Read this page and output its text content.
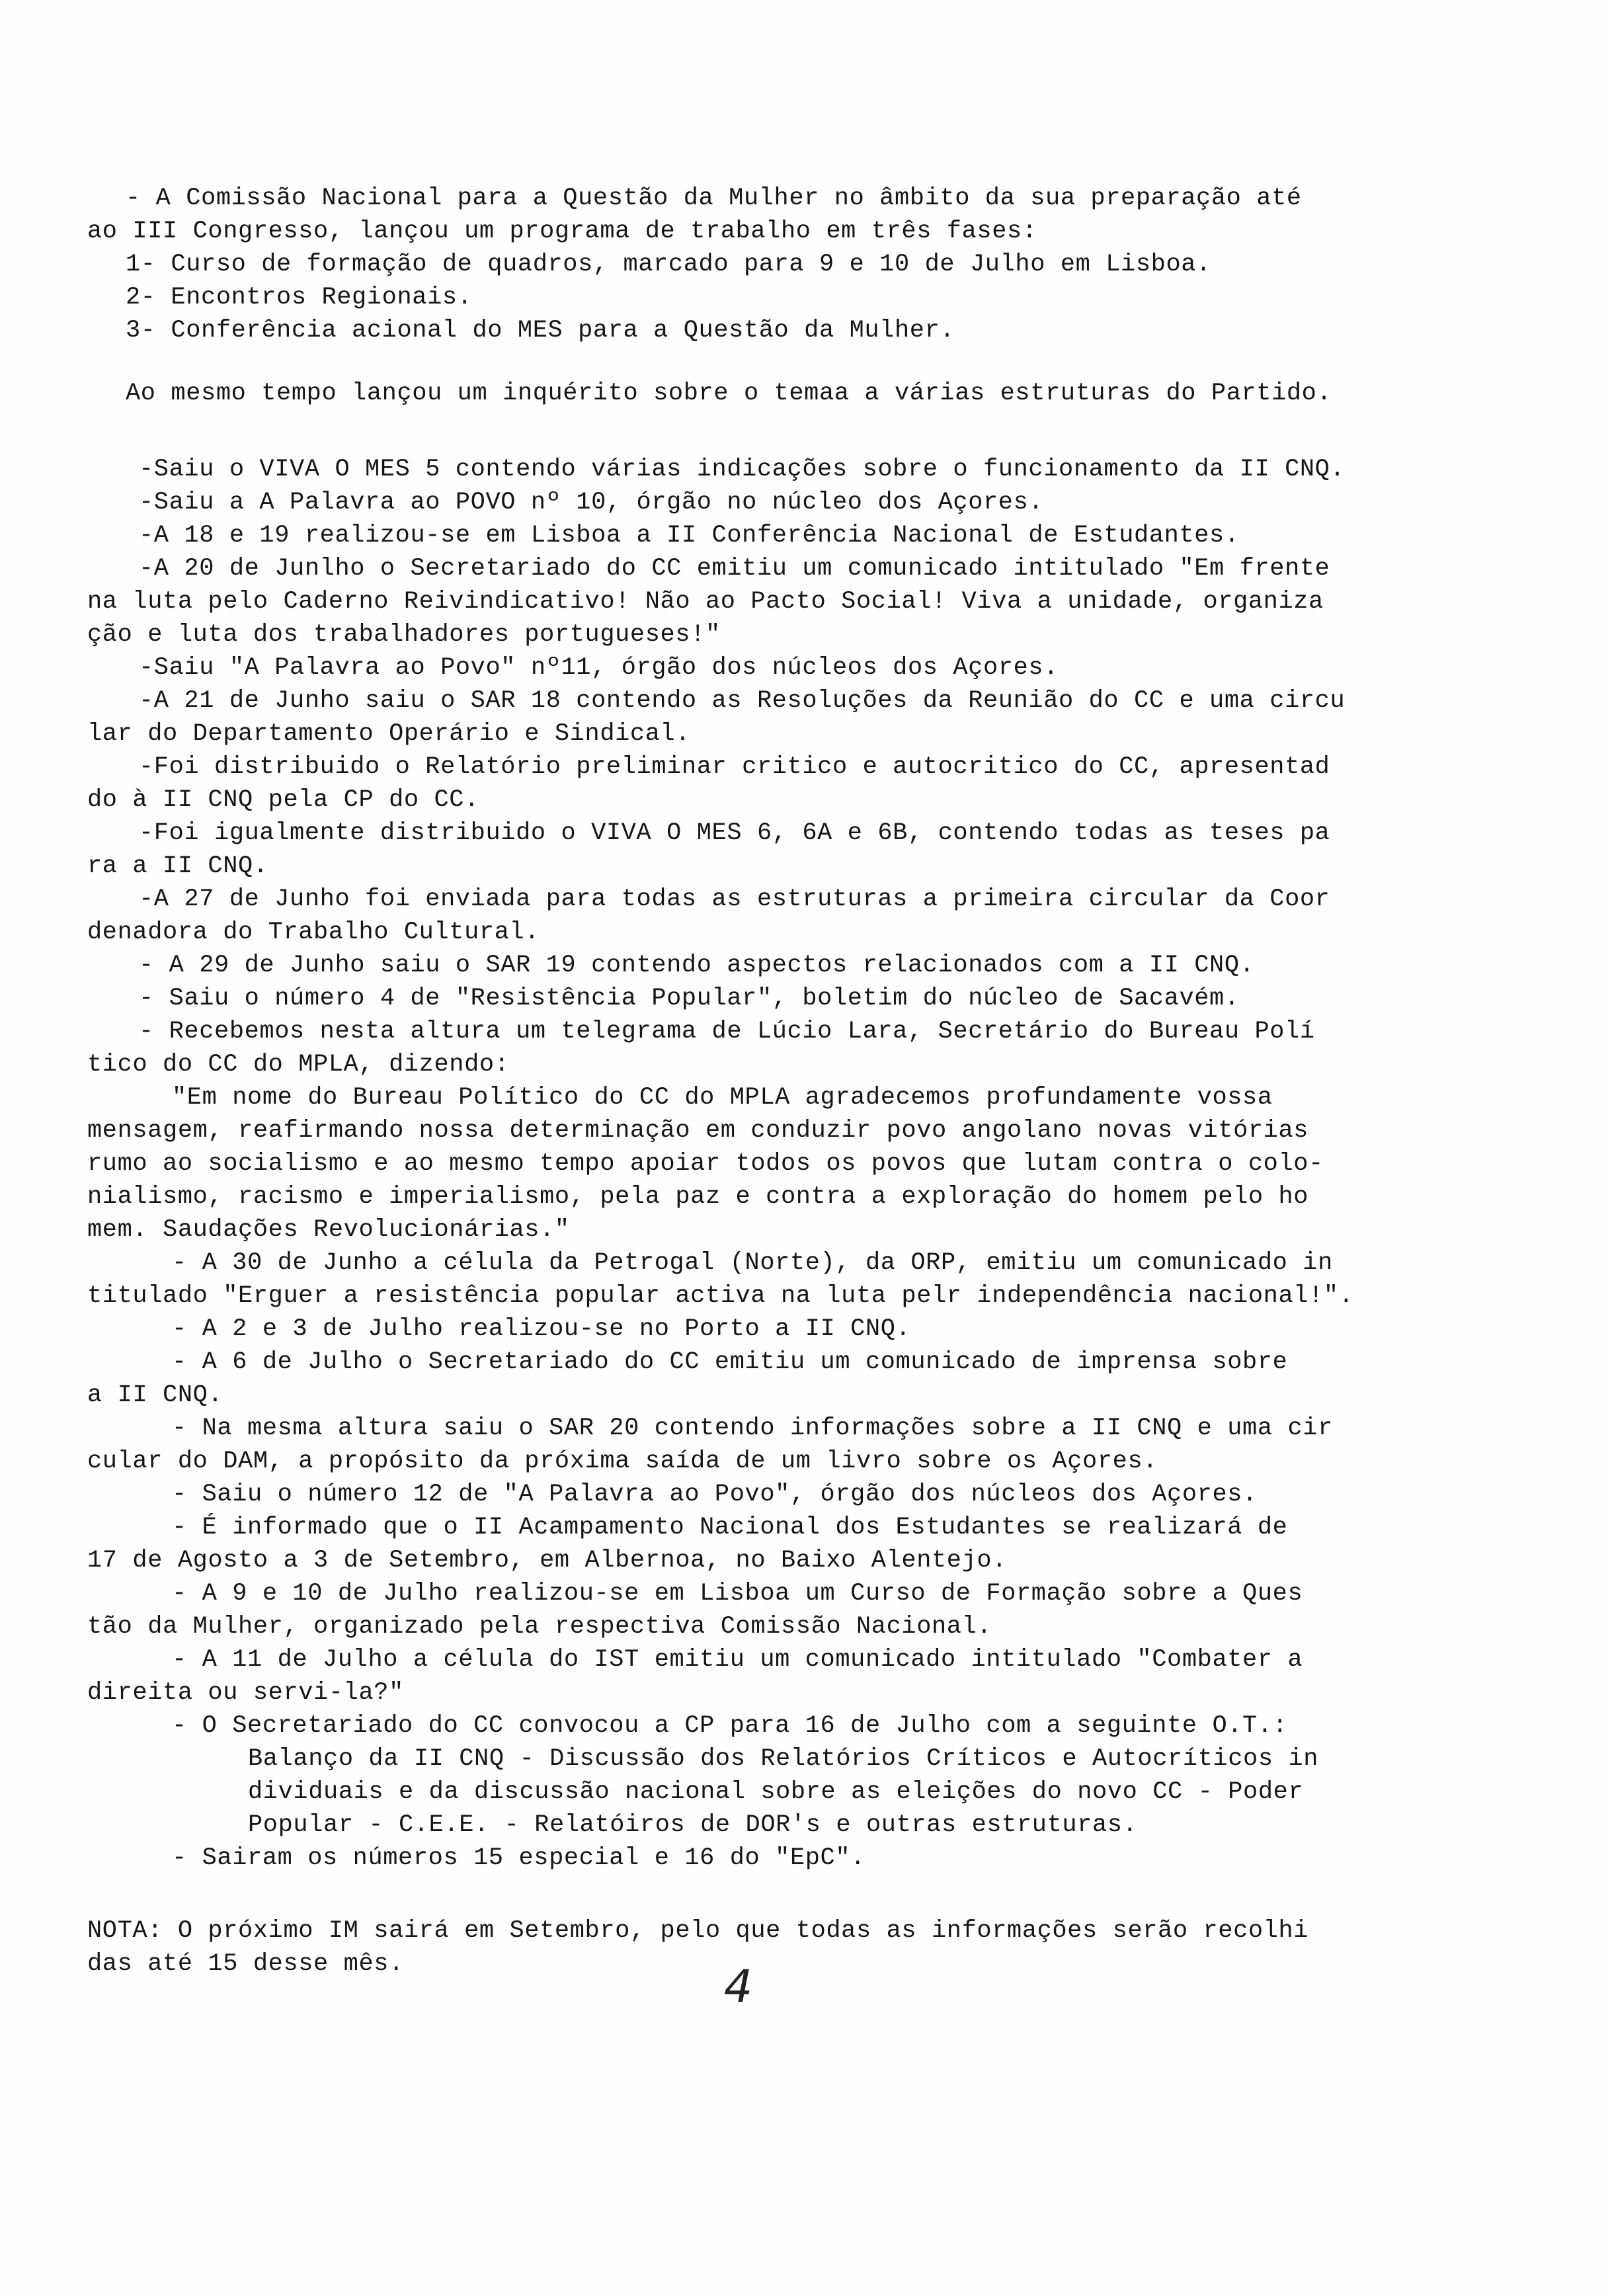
- A Comissão Nacional para a Questão da Mulher no âmbito da sua preparação até
ao III Congresso, lançou um programa de trabalho em três fases:
1- Curso de formação de quadros, marcado para 9 e 10 de Julho em Lisboa.
2- Encontros Regionais.
3- Conferência acional do MES para a Questão da Mulher.
Ao mesmo tempo lançou um inquérito sobre o temaa a várias estruturas do Partido.
-Saiu o VIVA O MES 5 contendo várias indicações sobre o funcionamento da II CNQ.
-Saiu a A Palavra ao POVO nº 10, órgão no núcleo dos Açores.
-A 18 e 19 realizou-se em Lisboa a II Conferência Nacional de Estudantes.
-A 20 de Junlho o Secretariado do CC emitiu um comunicado intitulado "Em frente
na luta pelo Caderno Reivindicativo! Não ao Pacto Social! Viva a unidade, organiza
ção e luta dos trabalhadores portugueses!"
-Saiu "A Palavra ao Povo" nº11, órgão dos núcleos dos Açores.
-A 21 de Junho saiu o SAR 18 contendo as Resoluções da Reunião do CC e uma circu
lar do Departamento Operário e Sindical.
-Foi distribuido o Relatório preliminar critico e autocritico do CC, apresentad
do à II CNQ pela CP do CC.
-Foi igualmente distribuido o VIVA O MES 6, 6A e 6B, contendo todas as teses pa
ra a II CNQ.
-A 27 de Junho foi enviada para todas as estruturas a primeira circular da Coor
denadora do Trabalho Cultural.
- A 29 de Junho saiu o SAR 19 contendo aspectos relacionados com a II CNQ.
- Saiu o número 4 de "Resistência Popular", boletim do núcleo de Sacavém.
- Recebemos nesta altura um telegrama de Lúcio Lara, Secretário do Bureau Polí
tico do CC do MPLA, dizendo:
"Em nome do Bureau Político do CC do MPLA agradecemos profundamente vossa
mensagem, reafirmando nossa determinação em conduzir povo angolano novas vitórias
rumo ao socialismo e ao mesmo tempo apoiar todos os povos que lutam contra o colo-
nialismo, racismo e imperialismo, pela paz e contra a exploração do homem pelo ho
mem. Saudações Revolucionárias."
- A 30 de Junho a célula da Petrogal (Norte), da ORP, emitiu um comunicado in
titulado "Erguer a resistência popular activa na luta pelr independência nacional!".
- A 2 e 3 de Julho realizou-se no Porto a II CNQ.
- A 6 de Julho o Secretariado do CC emitiu um comunicado de imprensa sobre
a II CNQ.
- Na mesma altura saiu o SAR 20 contendo informações sobre a II CNQ e uma cir
cular do DAM, a propósito da próxima saída de um livro sobre os Açores.
- Saiu o número 12 de "A Palavra ao Povo", órgão dos núcleos dos Açores.
- É informado que o II Acampamento Nacional dos Estudantes se realizará de
17 de Agosto a 3 de Setembro, em Albernoa, no Baixo Alentejo.
- A 9 e 10 de Julho realizou-se em Lisboa um Curso de Formação sobre a Ques
tão da Mulher, organizado pela respectiva Comissão Nacional.
- A 11 de Julho a célula do IST emitiu um comunicado intitulado "Combater a
direita ou servi-la?"
- O Secretariado do CC convocou a CP para 16 de Julho com a seguinte O.T.:
Balanço da II CNQ - Discussão dos Relatórios Críticos e Autocríticos in
dividuais e da discussão nacional sobre as eleições do novo CC - Poder
Popular - C.E.E. - Relatóiros de DOR's e outras estruturas.
- Sairam os números 15 especial e 16 do "EpC".
NOTA: O próximo IM sairá em Setembro, pelo que todas as informações serão recolhi
das até 15 desse mês.	4
